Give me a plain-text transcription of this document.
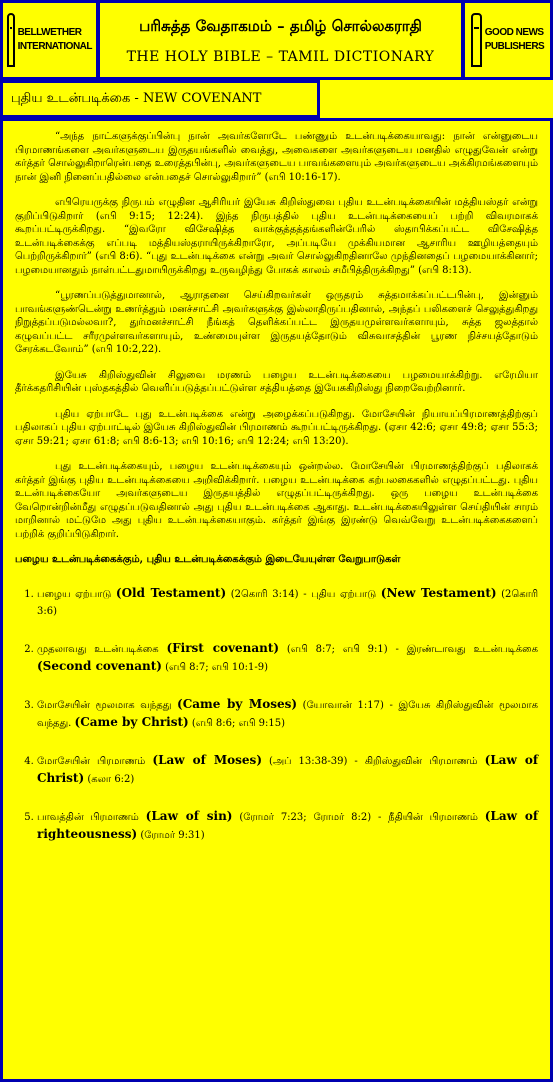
BELLWETHER
INTERNATIONAL
பரிசுத்த வேதாகமம் – தமிழ் சொல்லகராதி
THE HOLY BIBLE – TAMIL DICTIONARY
GOOD NEWS
PUBLISHERS
புதிய உடன்படிக்கை - NEW COVENANT

“அந்த நாட்களுக்குப்பின்பு நான் அவர்களோடே பண்ணும் உடன்படிக்கையாவது: நான் என்னுடைய பிரமாணங்களை அவர்களுடைய இருதயங்களில் வைத்து, அவைகளை அவர்களுடைய மனதில் எழுதுவேன் என்று கர்த்தர் சொல்லுகிறாரென்பதை உரைத்தபின்பு, அவர்களுடைய பாவங்களையும் அவர்களுடைய அக்கிரமங்களையும் நான் இனி நினைப்பதில்லை என்பதைச் சொல்லுகிறார்” (எபி 10:16-17).

எபிரெயருக்கு நிருபம் எழுதின ஆசிரியர் இயேசு கிறிஸ்துவை புதிய உடன்படிக்கையின் மத்தியஸ்தர் என்று குறிப்பிடுகிறார் (எபி 9:15; 12:24). இந்த நிருபத்தில் புதிய உடன்படிக்கையைப் பற்றி விவரமாகக் கூறப்பட்டிருக்கிறது. “இவரோ விசேஷித்த வாக்குத்தத்தங்களின்பேரில் ஸ்தாபிக்கப்பட்ட விசேஷித்த உடன்படிக்கைக்கு எப்படி மத்தியஸ்தராயிருக்கிறாரோ, அப்படியே முக்கியமான ஆசாரிய ஊழியத்தையும் பெற்றிருக்கிறார்” (எபி 8:6). “புது உடன்படிக்கை என்று அவர் சொல்லுகிறதினாலே முந்தினதைப் பழமையாக்கினார்; பழமையானதும் நாள்பட்டதுமாயிருக்கிறது உருவழிந்து போகக் காலம் சமீபித்திருக்கிறது” (எபி 8:13).

“பூரணப்படுத்துமானால், ஆராதனை செய்கிறவர்கள் ஒருதரம் சுத்தமாக்கப்பட்டபின்பு, இன்னும் பாவங்களுண்டென்று உணர்த்தும் மனச்சாட்சி அவர்களுக்கு இல்லாதிருப்பதினால், அந்தப் பலிகளைச் செலுத்துகிறது நிறுத்தப்படுமல்லவா?, துர்மனச்சாட்சி நீங்கத் தெளிக்கப்பட்ட இருதயமுள்ளவர்களாயும், சுத்த ஜலத்தால் கழுவப்பட்ட சரீரமுள்ளவர்களாயும், உண்மையுள்ள இருதயத்தோடும் விசுவாசத்தின் பூரண நிச்சயத்தோடும் சேரக்கடவோம்” (எபி 10:2,22).

இயேசு கிறிஸ்துவின் சிலுவை மரணம் பழைய உடன்படிக்கையை பழமையாக்கிற்று. எரேமியா தீர்க்கதரிசியின் புஸ்தகத்தில் வெளிப்படுத்தப்பட்டுள்ள சத்தியத்தை இயேசுகிறிஸ்து நிறைவேற்றினார்.

புதிய ஏற்பாடே புது உடன்படிக்கை என்று அழைக்கப்படுகிறது. மோசேயின் நியாயப்பிரமாணத்திற்குப் பதிலாகப் புதிய ஏற்பாட்டில் இயேசு கிறிஸ்துவின் பிரமாணம் கூறப்பட்டிருக்கிறது. (ஏசா 42:6; ஏசா 49:8; ஏசா 55:3; ஏசா 59:21; ஏசா 61:8; எபி 8:6-13; எபி 10:16; எபி 12:24; எபி 13:20).

புது உடன்படிக்கையும், பழைய உடன்படிக்கையும் ஒன்றல்ல. மோசேயின் பிரமாணத்திற்குப் பதிலாகக் கர்த்தர் இங்கு புதிய உடன்படிக்கையை அறிவிக்கிறார். பழைய உடன்படிக்கை கற்பலகைகளில் எழுதப்பட்டது. புதிய உடன்படிக்கையோ அவர்களுடைய இருதயத்தில் எழுதப்பட்டிருக்கிறது. ஒரு பழைய உடன்படிக்கை வேறொன்றின்மீது எழுதப்படுவதினால் அது புதிய உடன்படிக்கை ஆகாது. உடன்படிக்கையிலுள்ள செய்தியின் சாரம் மாறினால் மட்டுமே அது புதிய உடன்படிக்கையாகும். கர்த்தர் இங்கு இரண்டு வெவ்வேறு உடன்படிக்கைகளைப் பற்றிக் குறிப்பிடுகிறார்.

பழைய உடன்படிக்கைக்கும், புதிய உடன்படிக்கைக்கும் இடையேயுள்ள வேறுபாடுகள்
1. பழைய ஏற்பாடு (Old Testament) (2கொரி 3:14) - புதிய ஏற்பாடு (New Testament) (2கொரி 3:6)
2. முதலாவது உடன்படிக்கை (First covenant) (எபி 8:7; எபி 9:1) - இரண்டாவது உடன்படிக்கை (Second covenant) (எபி 8:7; எபி 10:1-9)
3. மோசேயின் மூலமாக வந்தது (Came by Moses) (யோவான் 1:17) - இயேசு கிறிஸ்துவின் மூலமாக வந்தது. (Came by Christ) (எபி 8:6; எபி 9:15)
4. மோசேயின் பிரமாணம் (Law of Moses) (அப் 13:38-39) - கிறிஸ்துவின் பிரமாணம் (Law of Christ) (கலா 6:2)
5. பாவத்தின் பிரமாணம் (Law of sin) (ரோமர் 7:23; ரோமர் 8:2) - நீதியின் பிரமாணம் (Law of righteousness) (ரோமர் 9:31)
